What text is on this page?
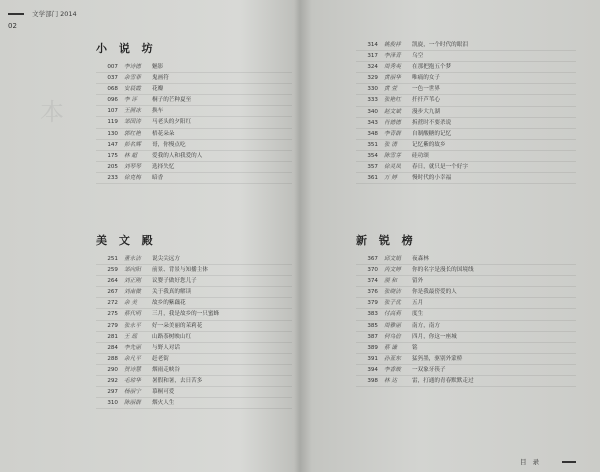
本
文学部门 2014
02
目 录
小 说 坊
007 李诗德	魅影
037 余雪菲	鬼画符
068 安晨霞	花瓣
096 李 评	桐子的芒种夏至
107 王照冰	换车
119 邹国涛	马老头的夕阳红
130 郭红艳	梧花朵朵
147 彭名辉	哥，你慢点吃
175 林 超	爱我的人和我爱的人
205 刘琴琴	选择失忆
233 徐克梅	暗香
美 文 殿
251 董永洁	说尖尖远方
259 邹向阳	前景、背景与知播主体
264 刘正刚	议婴子做好您儿子
267 刘南微	关于我真的解读
272 余 美	故乡的紫藕花
275 蔡代明	三月，我是故乡的一只蜜蜂
279 张永平	好一朵美丽的茉莉花
281 王 瑶	山路茶树映山红
284 李先丽	与野人对话
288 余凡平	赶老街
290 贺诗慧	烟雨走峡谷
292 毛琼华	暑假和暑，去日苦多
297 杨丽宁	慕桐可爱
310 陈丽群	烟火人生
314 姚俊祥	凯旋，一个时代的眼泪
317 李泽青	乌空
324 周秀英	在那把抱五个梦
329 黄丽华	唯痛的女子
330 黄 萱	一色一世界
333 张艳红	扦扦芦苇心
340 赵文斌	漫步大九湖
343 肖德德	拆蔗时不要杀说
348 李青群	自制酸糖的记忆
351 张 清	记忆紫的故乡
354 陈雪芽	硅功颂
357 徐灵凤	春日，就只是一个好字
361 万 婷	慢时代的小幸福
新 锐 榜
367 邱文娟	夜森林
370 芮文婷	你的名字是漫长的国境线
374 漠 和	留外
376 张晓洁	你是我最傍爱的人
379 张子优	五月
383 付高莉	度生
385 周雅丽	南方，南方
387 何乌倍	四月，你这一座城
389 蔡 谦	铭
391 孙亚东	猛犸墨，驱别外蒙桥
394 李香玻	一双象牙筷子
398 林 达	雷，打通的青春默默走过
